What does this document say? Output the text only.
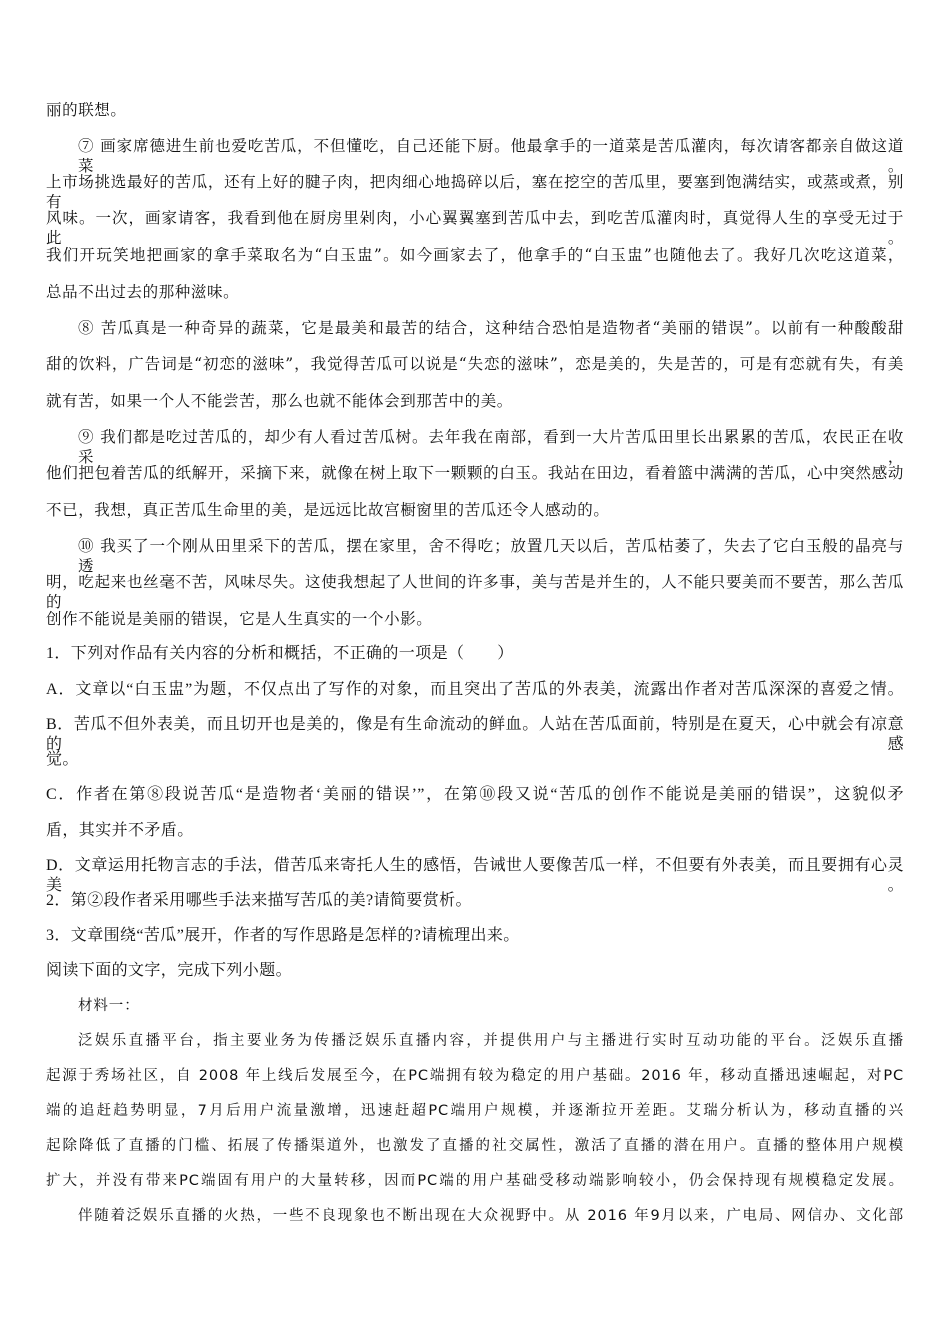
丽的联想。
⑦ 画家席德进生前也爱吃苦瓜，不但懂吃，自己还能下厨。他最拿手的一道菜是苦瓜灌肉，每次请客都亲自做这道菜。
上市场挑选最好的苦瓜，还有上好的腱子肉，把肉细心地捣碎以后，塞在挖空的苦瓜里，要塞到饱满结实，或蒸或煮，别有
风味。一次，画家请客，我看到他在厨房里剁肉，小心翼翼塞到苦瓜中去，到吃苦瓜灌肉时，真觉得人生的享受无过于此。
我们开玩笑地把画家的拿手菜取名为“白玉盅”。如今画家去了，他拿手的“白玉盅”也随他去了。我好几次吃这道菜，
总品不出过去的那种滋味。
⑧ 苦瓜真是一种奇异的蔬菜，它是最美和最苦的结合，这种结合恐怕是造物者“美丽的错误”。以前有一种酸酸甜
甜的饮料，广告词是“初恋的滋味”，我觉得苦瓜可以说是“失恋的滋味”，恋是美的，失是苦的，可是有恋就有失，有美
就有苦，如果一个人不能尝苦，那么也就不能体会到那苦中的美。
⑨ 我们都是吃过苦瓜的，却少有人看过苦瓜树。去年我在南部，看到一大片苦瓜田里长出累累的苦瓜，农民正在收采，
他们把包着苦瓜的纸解开，采摘下来，就像在树上取下一颗颗的白玉。我站在田边，看着篮中满满的苦瓜，心中突然感动
不已，我想，真正苦瓜生命里的美，是远远比故宫橱窗里的苦瓜还令人感动的。
⑩ 我买了一个刚从田里采下的苦瓜，摆在家里，舍不得吃；放置几天以后，苦瓜枯萎了，失去了它白玉般的晶亮与透
明，吃起来也丝毫不苦，风味尽失。这使我想起了人世间的许多事，美与苦是并生的，人不能只要美而不要苦，那么苦瓜的
创作不能说是美丽的错误，它是人生真实的一个小影。
1．下列对作品有关内容的分析和概括，不正确的一项是（　　）
A．文章以“白玉盅”为题，不仅点出了写作的对象，而且突出了苦瓜的外表美，流露出作者对苦瓜深深的喜爱之情。
B．苦瓜不但外表美，而且切开也是美的，像是有生命流动的鲜血。人站在苦瓜面前，特别是在夏天，心中就会有凉意的感
觉。
C．作者在第⑧段说苦瓜“是造物者‘美丽的错误’”，在第⑩段又说“苦瓜的创作不能说是美丽的错误”，这貌似矛
盾，其实并不矛盾。
D．文章运用托物言志的手法，借苦瓜来寄托人生的感悟，告诫世人要像苦瓜一样，不但要有外表美，而且要拥有心灵美。
2．第②段作者采用哪些手法来描写苦瓜的美?请简要赏析。
3．文章围绕“苦瓜”展开，作者的写作思路是怎样的?请梳理出来。
阅读下面的文字，完成下列小题。
材料一：
泛娱乐直播平台，指主要业务为传播泛娱乐直播内容，并提供用户与主播进行实时互动功能的平台。泛娱乐直播
起源于秀场社区，自 2008 年上线后发展至今，在PC端拥有较为稳定的用户基础。2016 年，移动直播迅速崛起，对PC
端的追赶趋势明显，7月后用户流量激增，迅速赶超PC端用户规模，并逐渐拉开差距。艾瑞分析认为，移动直播的兴
起除降低了直播的门槛、拓展了传播渠道外，也激发了直播的社交属性，激活了直播的潜在用户。直播的整体用户规模
扩大，并没有带来PC端固有用户的大量转移，因而PC端的用户基础受移动端影响较小，仍会保持现有规模稳定发展。
伴随着泛娱乐直播的火热，一些不良现象也不断出现在大众视野中。从 2016 年9月以来，广电局、网信办、文化部
